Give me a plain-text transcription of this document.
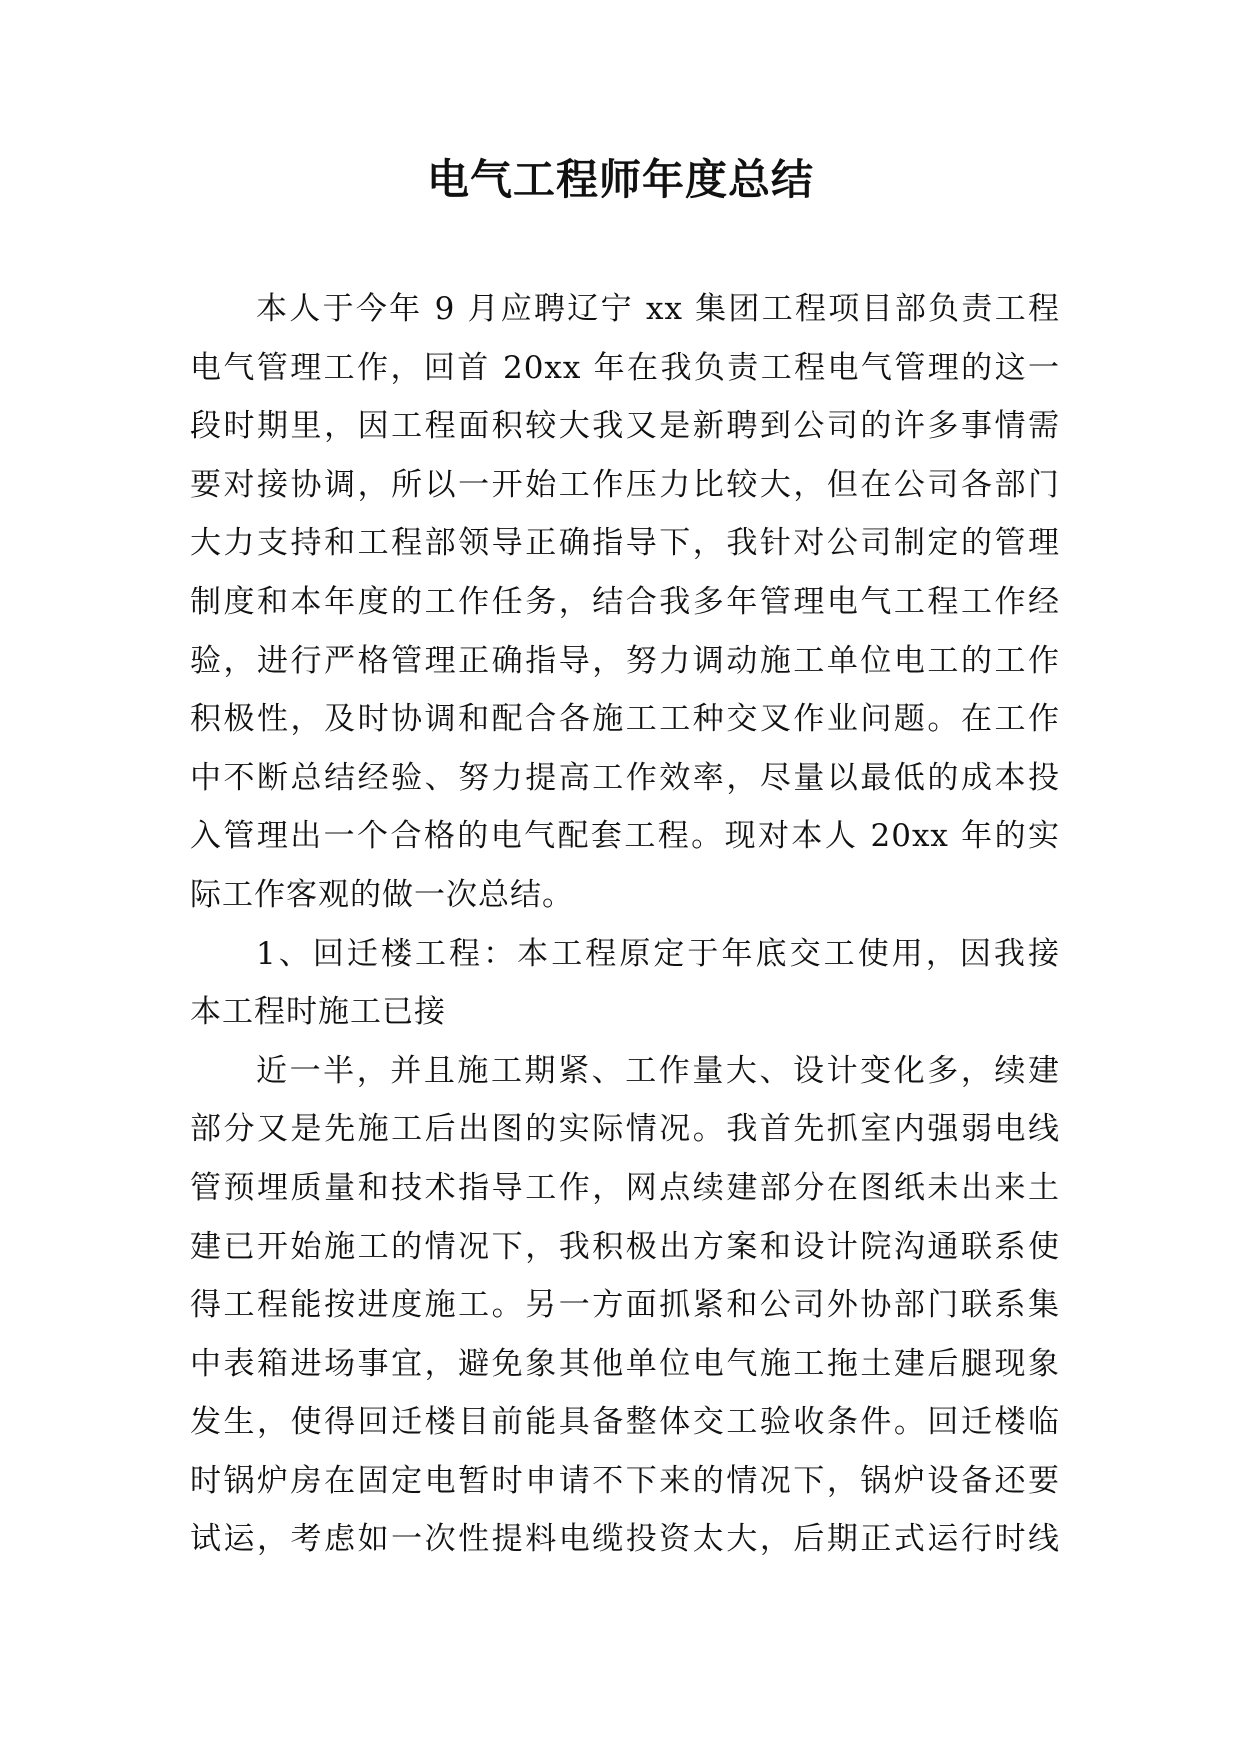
电气工程师年度总结
本人于今年 9 月应聘辽宁 xx 集团工程项目部负责工程
电气管理工作，回首 20xx 年在我负责工程电气管理的这一
段时期里，因工程面积较大我又是新聘到公司的许多事情需
要对接协调，所以一开始工作压力比较大，但在公司各部门
大力支持和工程部领导正确指导下，我针对公司制定的管理
制度和本年度的工作任务，结合我多年管理电气工程工作经
验，进行严格管理正确指导，努力调动施工单位电工的工作
积极性，及时协调和配合各施工工种交叉作业问题。在工作
中不断总结经验、努力提高工作效率，尽量以最低的成本投
入管理出一个合格的电气配套工程。现对本人 20xx 年的实
际工作客观的做一次总结。
1、回迁楼工程：本工程原定于年底交工使用，因我接
本工程时施工已接
近一半，并且施工期紧、工作量大、设计变化多，续建
部分又是先施工后出图的实际情况。我首先抓室内强弱电线
管预埋质量和技术指导工作，网点续建部分在图纸未出来土
建已开始施工的情况下，我积极出方案和设计院沟通联系使
得工程能按进度施工。另一方面抓紧和公司外协部门联系集
中表箱进场事宜，避免象其他单位电气施工拖土建后腿现象
发生，使得回迁楼目前能具备整体交工验收条件。回迁楼临
时锅炉房在固定电暂时申请不下来的情况下，锅炉设备还要
试运，考虑如一次性提料电缆投资太大，后期正式运行时线
